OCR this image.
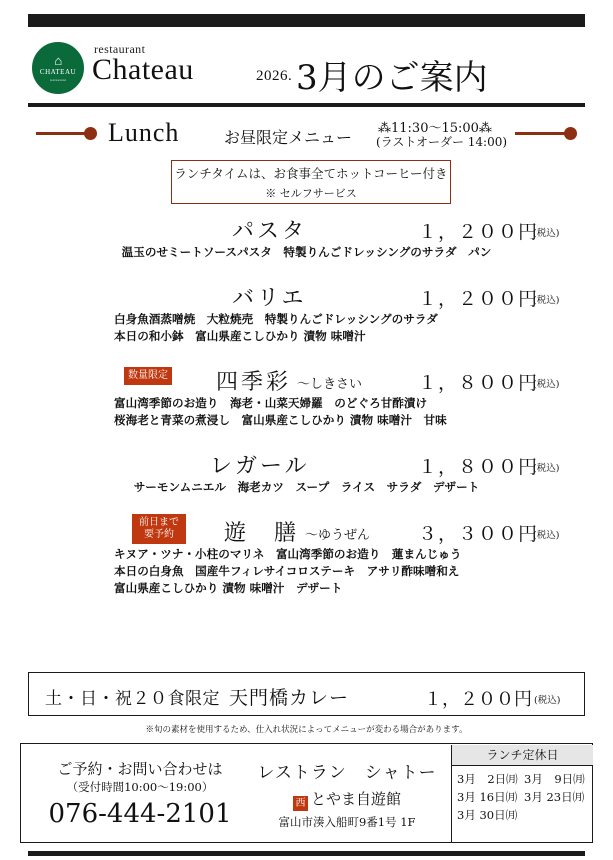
⌂
CHATEAU
restaurant
restaurant
Chateau	2026. 3月のご案内
Lunch	お昼限定メニュー ⁂11:30〜15:00⁂
(ラストオーダー 14:00)
ランチタイムは、お食事全てホットコーヒー付き
※ セルフサービス
パスタ	１，２００円
(税込)
温玉のせミートソースパスタ　特製りんごドレッシングのサラダ　パン
バリエ	１，２００円
(税込)
白身魚酒蒸噌焼　大粒焼売　特製りんごドレッシングのサラダ
本日の和小鉢　富山県産こしひかり 漬物 味噌汁
数量限定 四季彩 〜しきさい	１，８００円
(税込)
富山湾季節のお造り　海老・山菜天婦羅　のどぐろ甘酢漬け
桜海老と青菜の煮浸し　富山県産こしひかり 漬物 味噌汁　甘味
レガール	１，８００円
(税込)
サーモンムニエル　海老カツ　スープ　ライス　サラダ　デザート
前日まで
要予約	遊　膳 〜ゆうぜん	３，３００円
(税込)
キヌア・ツナ・小柱のマリネ　富山湾季節のお造り　蓮まんじゅう
本日の白身魚　国産牛フィレサイコロステーキ　アサリ酢味噌和え
富山県産こしひかり 漬物 味噌汁　デザート
土・日・祝２０食限定 天門橋カレー	１，２００円 (税込)
※旬の素材を使用するため、仕入れ状況によってメニューが変わる場合があります。
ご予約・お問い合わせは
（受付時間10:00〜19:00）
076-444-2101
レストラン　シャトー
西 とやま自遊館
富山市湊入船町9番1号 1F
ランチ定休日
3月　2日㈪ 3月　9日㈪
3月 16日㈪ 3月 23日㈪
3月 30日㈪
